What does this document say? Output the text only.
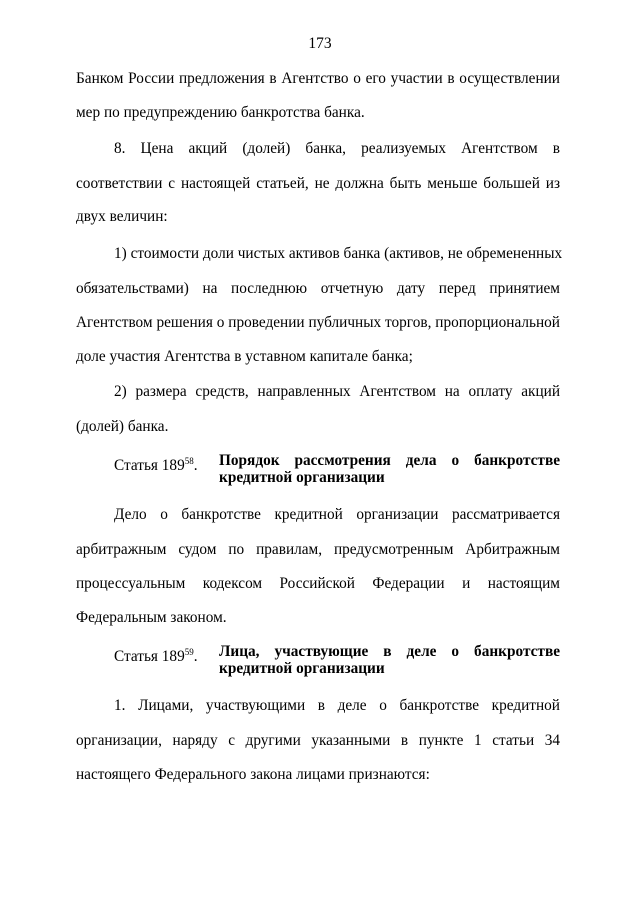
173
Банком России предложения в Агентство о его участии в осуществлении
мер по предупреждению банкротства банка.
8. Цена акций (долей) банка, реализуемых Агентством в
соответствии с настоящей статьей, не должна быть меньше большей из
двух величин:
1) стоимости доли чистых активов банка (активов, не обремененных
обязательствами) на последнюю отчетную дату перед принятием
Агентством решения о проведении публичных торгов, пропорциональной
доле участия Агентства в уставном капитале банка;
2) размера средств, направленных Агентством на оплату акций
(долей) банка.
Статья $189^{58}$. Порядок рассмотрения дела о банкротстве
кредитной организации
Дело о банкротстве кредитной организации рассматривается
арбитражным судом по правилам, предусмотренным Арбитражным
процессуальным кодексом Российской Федерации и настоящим
Федеральным законом.
Статья $189^{59}$. Лица, участвующие в деле о банкротстве
кредитной организации
1. Лицами, участвующими в деле о банкротстве кредитной
организации, наряду с другими указанными в пункте 1 статьи 34
настоящего Федерального закона лицами признаются:
